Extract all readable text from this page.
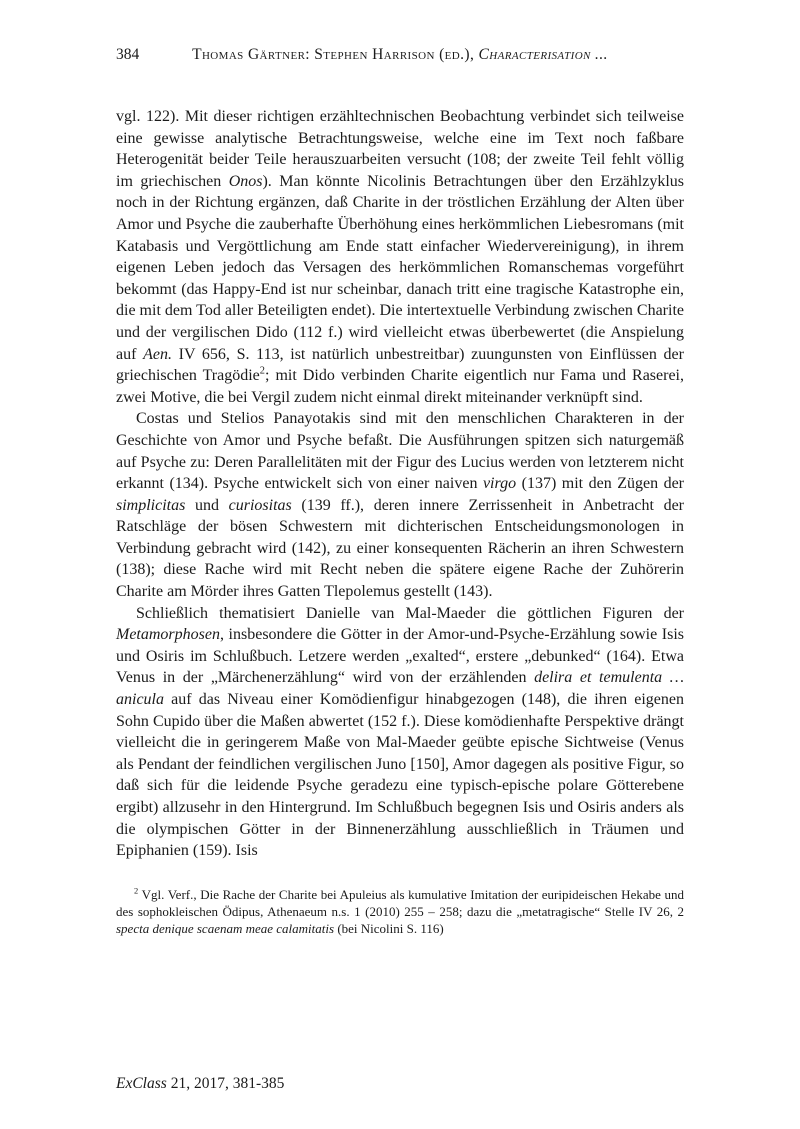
384	Thomas Gärtner: Stephen Harrison (ed.), Characterisation ...

vgl. 122). Mit dieser richtigen erzähltechnischen Beobachtung verbindet sich teilweise eine gewisse analytische Betrachtungsweise, welche eine im Text noch faßbare Heterogenität beider Teile herauszuarbeiten versucht (108; der zweite Teil fehlt völlig im griechischen Onos). Man könnte Nicolinis Betrachtungen über den Erzählzyklus noch in der Richtung ergänzen, daß Charite in der tröstlichen Erzählung der Alten über Amor und Psyche die zauberhafte Überhöhung eines herkömmlichen Liebesromans (mit Katabasis und Vergöttlichung am Ende statt einfacher Wiedervereinigung), in ihrem eigenen Leben jedoch das Versagen des herkömmlichen Romanschemas vorgeführt bekommt (das Happy-End ist nur scheinbar, danach tritt eine tragische Katastrophe ein, die mit dem Tod aller Beteiligten endet). Die intertextuelle Verbindung zwischen Charite und der vergilischen Dido (112 f.) wird vielleicht etwas überbewertet (die Anspielung auf Aen. IV 656, S. 113, ist natürlich unbestreitbar) zuungunsten von Einflüssen der griechischen Tragödie$^2$; mit Dido verbinden Charite eigentlich nur Fama und Raserei, zwei Motive, die bei Vergil zudem nicht einmal direkt miteinander verknüpft sind.

Costas und Stelios Panayotakis sind mit den menschlichen Charakteren in der Geschichte von Amor und Psyche befaßt. Die Ausführungen spitzen sich naturgemäß auf Psyche zu: Deren Parallelitäten mit der Figur des Lucius werden von letzterem nicht erkannt (134). Psyche entwickelt sich von einer naiven virgo (137) mit den Zügen der simplicitas und curiositas (139 ff.), deren innere Zerrissenheit in Anbetracht der Ratschläge der bösen Schwestern mit dichterischen Entscheidungsmonologen in Verbindung gebracht wird (142), zu einer konsequenten Rächerin an ihren Schwestern (138); diese Rache wird mit Recht neben die spätere eigene Rache der Zuhörerin Charite am Mörder ihres Gatten Tlepolemus gestellt (143).

Schließlich thematisiert Danielle van Mal-Maeder die göttlichen Figuren der Metamorphosen, insbesondere die Götter in der Amor-und-Psyche-Erzählung sowie Isis und Osiris im Schlußbuch. Letzere werden „exalted“, erstere „debunked“ (164). Etwa Venus in der „Märchenerzählung“ wird von der erzählenden delira et temulenta … anicula auf das Niveau einer Komödienfigur hinabgezogen (148), die ihren eigenen Sohn Cupido über die Maßen abwertet (152 f.). Diese komödienhafte Perspektive drängt vielleicht die in geringerem Maße von Mal-Maeder geübte epische Sichtweise (Venus als Pendant der feindlichen vergilischen Juno [150], Amor dagegen als positive Figur, so daß sich für die leidende Psyche geradezu eine typisch-epische polare Götterebene ergibt) allzusehr in den Hintergrund. Im Schlußbuch begegnen Isis und Osiris anders als die olympischen Götter in der Binnenerzählung ausschließlich in Träumen und Epiphanien (159). Isis

$^2$ Vgl. Verf., Die Rache der Charite bei Apuleius als kumulative Imitation der euripideischen Hekabe und des sophokleischen Ödipus, Athenaeum n.s. 1 (2010) 255 – 258; dazu die „metatragische“ Stelle IV 26, 2 specta denique scaenam meae calamitatis (bei Nicolini S. 116)
ExClass 21, 2017, 381-385
